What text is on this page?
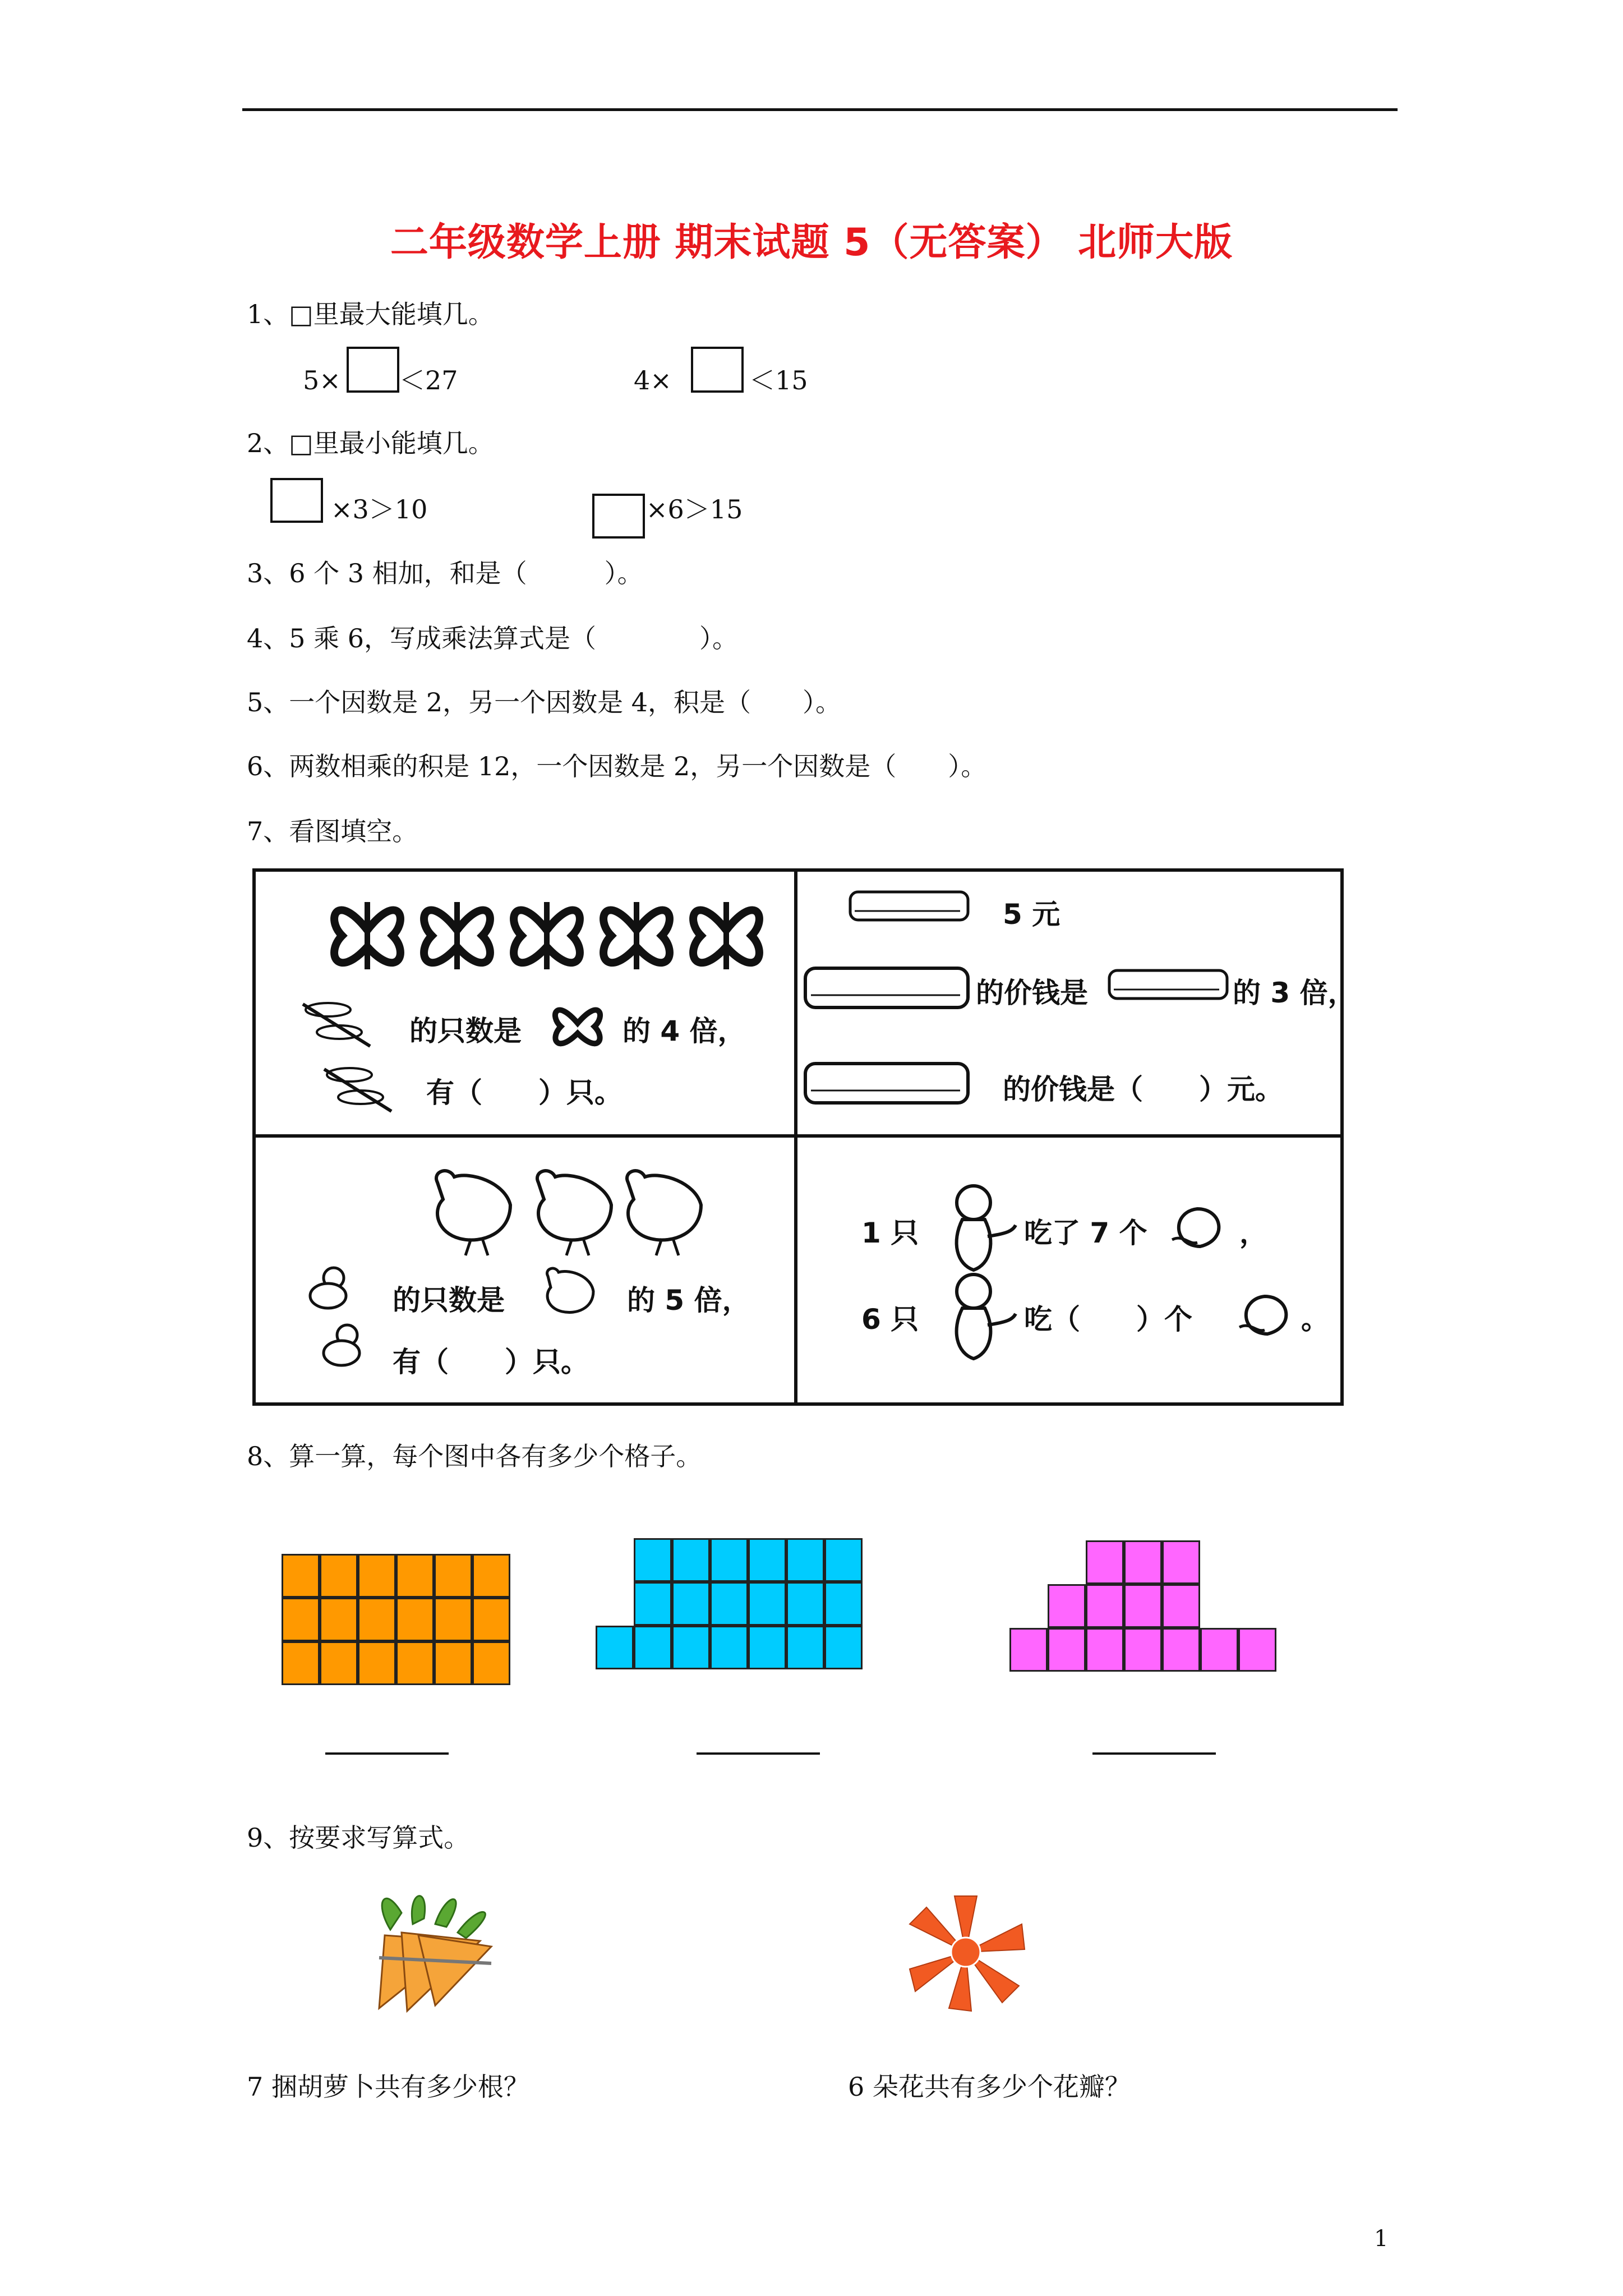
二年级数学上册 期末试题 5（无答案） 北师大版
1、□里最大能填几。
5× ＜27	4×	＜15
2、□里最小能填几。
×3＞10	×6＞15
3、6 个 3 相加，和是（　　　）。
4、5 乘 6，写成乘法算式是（　　　　）。
5、一个因数是 2，另一个因数是 4，积是（　　）。
6、两数相乘的积是 12，一个因数是 2，另一个因数是（　　）。
7、看图填空。
的只数是	的 4 倍，
有（　　）只。
5 元
的价钱是	的 3 倍，
的价钱是（　　）元。
的只数是	的 5 倍，
有（　　）只。
1 只	吃了 7 个	，
6 只	吃（　　）个	。
8、算一算，每个图中各有多少个格子。
9、按要求写算式。
7 捆胡萝卜共有多少根？	6 朵花共有多少个花瓣？
1
